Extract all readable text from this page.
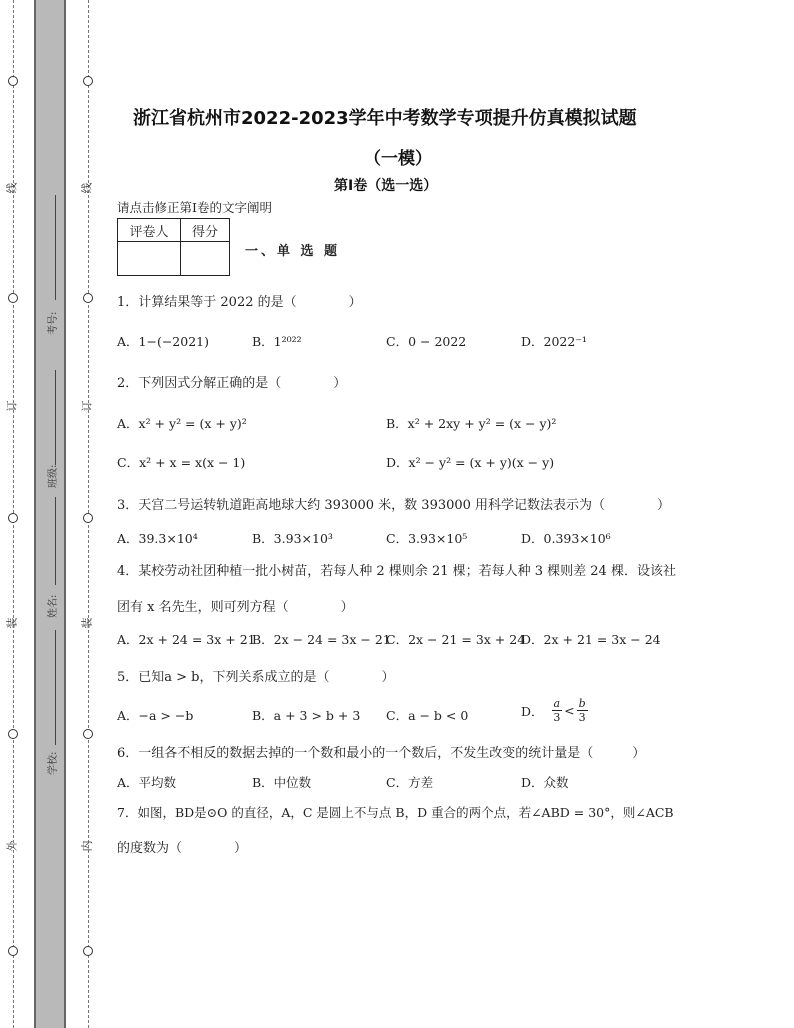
线
订
装
外
线
订
装
内
考号:
班级:
姓名:
学校:
浙江省杭州市2022-2023学年中考数学专项提升仿真模拟试题
（一模）
第Ⅰ卷（选一选）
请点击修正第Ⅰ卷的文字阐明
评卷人	得分

一、单 选 题
1．计算结果等于 2022 的是（　　　　）
A．1−(−2021)	B．1²⁰²²	C．0 − 2022	D．2022⁻¹
2．下列因式分解正确的是（　　　　）
A．x² + y² = (x + y)²	B．x² + 2xy + y² = (x − y)²
C．x² + x = x(x − 1)	D．x² − y² = (x + y)(x − y)
3．天宫二号运转轨道距高地球大约 393000 米，数 393000 用科学记数法表示为（　　　　）
A．39.3×10⁴	B．3.93×10³	C．3.93×10⁵	D．0.393×10⁶
4．某校劳动社团种植一批小树苗，若每人种 2 棵则余 21 棵；若每人种 3 棵则差 24 棵．设该社
团有 x 名先生，则可列方程（　　　　）
A．2x + 24 = 3x + 21
B．2x − 24 = 3x − 21
C．2x − 21 = 3x + 24
D．2x + 21 = 3x − 24
5．已知a > b，下列关系成立的是（　　　　）
A．−a > −b	B．a + 3 > b + 3 C．a − b < 0	D． $\frac{a}{3} < \frac{b}{3}$
6．一组各不相反的数据去掉的一个数和最小的一个数后，不发生改变的统计量是（　　　）
A．平均数	B．中位数	C．方差	D．众数
7．如图，BD是⊙O 的直径，A，C 是圆上不与点 B，D 重合的两个点，若∠ABD = 30°，则∠ACB
的度数为（　　　　）
